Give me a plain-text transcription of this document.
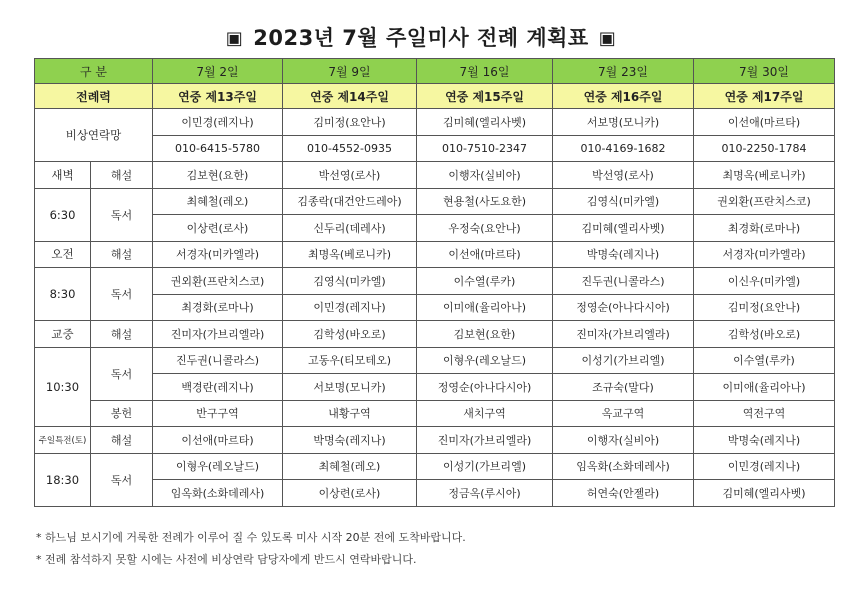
▣ 2023년 7월 주일미사 전례 계획표 ▣
구 분		7월 2일	7월 9일	7월 16일	7월 23일	7월 30일
전례력		연중 제13주일	연중 제14주일	연중 제15주일	연중 제16주일	연중 제17주일
비상연락망		이민경(레지나)	김미정(요안나)	김미혜(엘리사벳)	서보명(모니카)	이선애(마르타)
		010-6415-5780	010-4552-0935	010-7510-2347	010-4169-1682	010-2250-1784
새벽	해설	김보현(요한)	박선영(로사)	이행자(실비아)	박선영(로사)	최명옥(베로니카)
6:30	독서	최혜철(레오)	김종락(대건안드레아)	현용철(사도요한)	김영식(미카엘)	권외환(프란치스코)
		이상련(로사)	신두리(데레사)	우정숙(요안나)	김미혜(엘리사벳)	최경화(로마나)
오전	해설	서경자(미카엘라)	최명옥(베로니카)	이선애(마르타)	박명숙(레지나)	서경자(미카엘라)
8:30	독서	권외환(프란치스코)	김영식(미카엘)	이수열(루카)	진두권(니콜라스)	이신우(미카엘)
		최경화(로마나)	이민경(레지나)	이미애(율리아나)	정영순(아나다시아)	김미정(요안나)
교중	해설	진미자(가브리엘라)	김학성(바오로)	김보현(요한)	진미자(가브리엘라)	김학성(바오로)
10:30	독서	진두권(니콜라스)	고동우(티모테오)	이형우(레오날드)	이성기(가브리엘)	이수열(루카)
		백경란(레지나)	서보명(모니카)	정영순(아나다시아)	조규숙(말다)	이미애(율리아나)
	봉헌	반구구역	내황구역	새치구역	옥교구역	역전구역
주일특전(토)	해설	이선애(마르타)	박명숙(레지나)	진미자(가브리엘라)	이행자(실비아)	박명숙(레지나)
18:30	독서	이형우(레오날드)	최혜철(레오)	이성기(가브리엘)	임옥화(소화데레사)	이민경(레지나)
		임옥화(소화데레사)	이상련(로사)	정금옥(루시아)	허연숙(안젤라)	김미혜(엘리사벳)
* 하느님 보시기에 거룩한 전례가 이루어 질 수 있도록 미사 시작 20분 전에 도착바랍니다.
* 전례 참석하지 못할 시에는 사전에 비상연락 담당자에게 반드시 연락바랍니다.
